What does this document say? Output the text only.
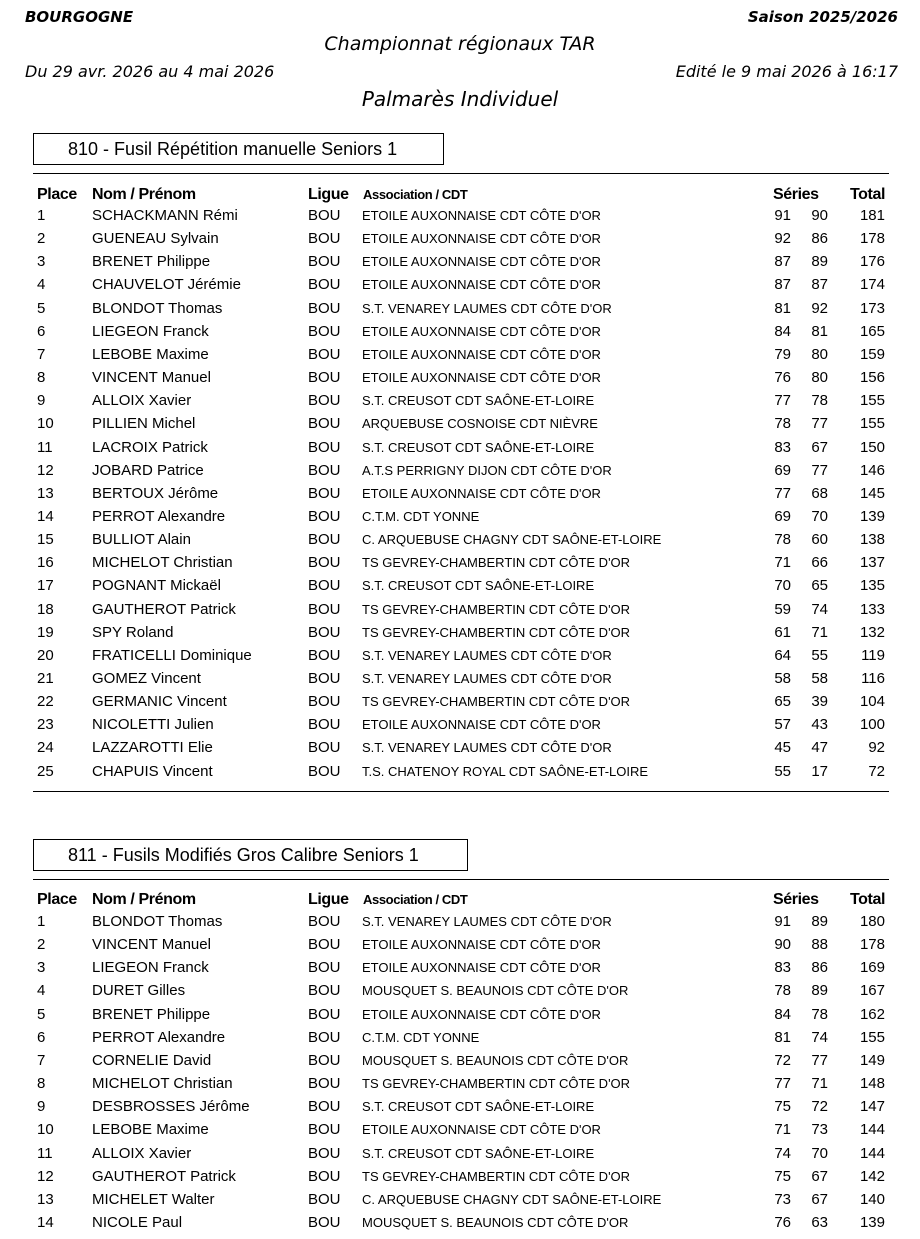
BOURGOGNE	Saison 2025/2026
Championnat régionaux TAR
Du 29 avr. 2026 au 4 mai 2026	Edité le 9 mai 2026 à 16:17
Palmarès Individuel
810 - Fusil Répétition manuelle Seniors 1
Place Nom / Prénom	Ligue Association / CDT	Séries Total
1	SCHACKMANN Rémi	BOU ETOILE AUXONNAISE CDT CÔTE D'OR	91 90	181
2	GUENEAU Sylvain	BOU ETOILE AUXONNAISE CDT CÔTE D'OR	92 86	178
3	BRENET Philippe	BOU ETOILE AUXONNAISE CDT CÔTE D'OR	87 89	176
4	CHAUVELOT Jérémie	BOU ETOILE AUXONNAISE CDT CÔTE D'OR	87 87	174
5	BLONDOT Thomas	BOU S.T. VENAREY LAUMES CDT CÔTE D'OR	81 92	173
6	LIEGEON Franck	BOU ETOILE AUXONNAISE CDT CÔTE D'OR	84 81	165
7	LEBOBE Maxime	BOU ETOILE AUXONNAISE CDT CÔTE D'OR	79 80	159
8	VINCENT Manuel	BOU ETOILE AUXONNAISE CDT CÔTE D'OR	76 80	156
9	ALLOIX Xavier	BOU S.T. CREUSOT CDT SAÔNE-ET-LOIRE	77 78	155
10	PILLIEN Michel	BOU ARQUEBUSE COSNOISE CDT NIÈVRE	78 77	155
11	LACROIX Patrick	BOU S.T. CREUSOT CDT SAÔNE-ET-LOIRE	83 67	150
12	JOBARD Patrice	BOU A.T.S PERRIGNY DIJON CDT CÔTE D'OR	69 77	146
13	BERTOUX Jérôme	BOU ETOILE AUXONNAISE CDT CÔTE D'OR	77 68	145
14	PERROT Alexandre	BOU C.T.M. CDT YONNE	69 70	139
15	BULLIOT Alain	BOU C. ARQUEBUSE CHAGNY CDT SAÔNE-ET-LOIRE	78 60	138
16	MICHELOT Christian	BOU TS GEVREY-CHAMBERTIN CDT CÔTE D'OR	71 66	137
17	POGNANT Mickaël	BOU S.T. CREUSOT CDT SAÔNE-ET-LOIRE	70 65	135
18	GAUTHEROT Patrick	BOU TS GEVREY-CHAMBERTIN CDT CÔTE D'OR	59 74	133
19	SPY Roland	BOU TS GEVREY-CHAMBERTIN CDT CÔTE D'OR	61 71	132
20	FRATICELLI Dominique	BOU S.T. VENAREY LAUMES CDT CÔTE D'OR	64 55	119
21	GOMEZ Vincent	BOU S.T. VENAREY LAUMES CDT CÔTE D'OR	58 58	116
22	GERMANIC Vincent	BOU TS GEVREY-CHAMBERTIN CDT CÔTE D'OR	65 39	104
23	NICOLETTI Julien	BOU ETOILE AUXONNAISE CDT CÔTE D'OR	57 43	100
24	LAZZAROTTI Elie	BOU S.T. VENAREY LAUMES CDT CÔTE D'OR	45 47	92
25	CHAPUIS Vincent	BOU T.S. CHATENOY ROYAL CDT SAÔNE-ET-LOIRE	55 17	72
811 - Fusils Modifiés Gros Calibre Seniors 1
Place Nom / Prénom	Ligue Association / CDT	Séries Total
1	BLONDOT Thomas	BOU S.T. VENAREY LAUMES CDT CÔTE D'OR	91 89	180
2	VINCENT Manuel	BOU ETOILE AUXONNAISE CDT CÔTE D'OR	90 88	178
3	LIEGEON Franck	BOU ETOILE AUXONNAISE CDT CÔTE D'OR	83 86	169
4	DURET Gilles	BOU MOUSQUET S. BEAUNOIS CDT CÔTE D'OR	78 89	167
5	BRENET Philippe	BOU ETOILE AUXONNAISE CDT CÔTE D'OR	84 78	162
6	PERROT Alexandre	BOU C.T.M. CDT YONNE	81 74	155
7	CORNELIE David	BOU MOUSQUET S. BEAUNOIS CDT CÔTE D'OR	72 77	149
8	MICHELOT Christian	BOU TS GEVREY-CHAMBERTIN CDT CÔTE D'OR	77 71	148
9	DESBROSSES Jérôme	BOU S.T. CREUSOT CDT SAÔNE-ET-LOIRE	75 72	147
10	LEBOBE Maxime	BOU ETOILE AUXONNAISE CDT CÔTE D'OR	71 73	144
11	ALLOIX Xavier	BOU S.T. CREUSOT CDT SAÔNE-ET-LOIRE	74 70	144
12	GAUTHEROT Patrick	BOU TS GEVREY-CHAMBERTIN CDT CÔTE D'OR	75 67	142
13	MICHELET Walter	BOU C. ARQUEBUSE CHAGNY CDT SAÔNE-ET-LOIRE	73 67	140
14	NICOLE Paul	BOU MOUSQUET S. BEAUNOIS CDT CÔTE D'OR	76 63	139
